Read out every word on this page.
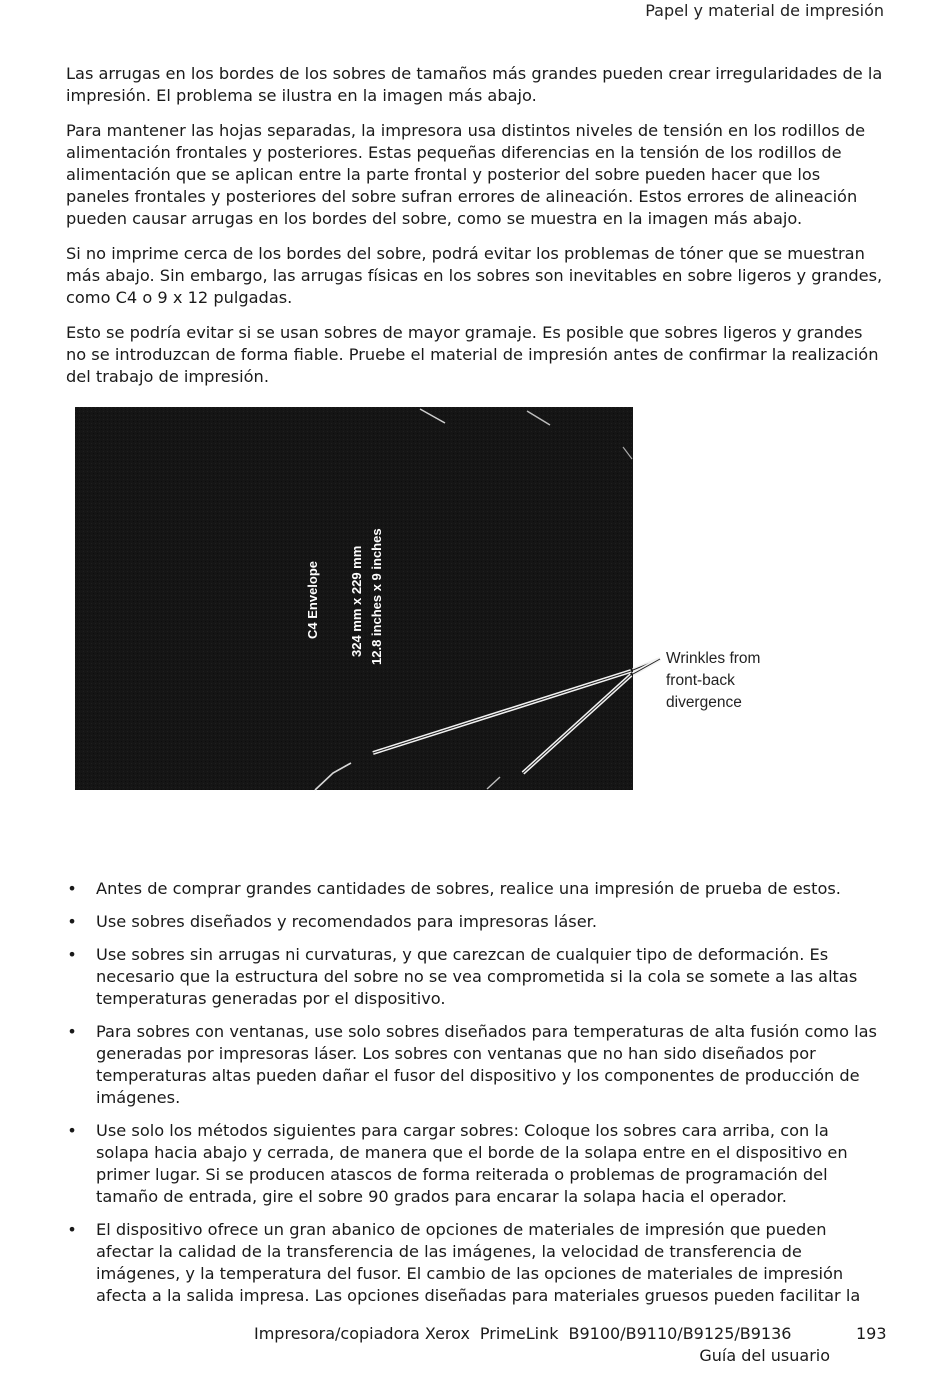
Papel y material de impresión

Las arrugas en los bordes de los sobres de tamaños más grandes pueden crear irregularidades de la impresión. El problema se ilustra en la imagen más abajo.

Para mantener las hojas separadas, la impresora usa distintos niveles de tensión en los rodillos de alimentación frontales y posteriores. Estas pequeñas diferencias en la tensión de los rodillos de alimentación que se aplican entre la parte frontal y posterior del sobre pueden hacer que los paneles frontales y posteriores del sobre sufran errores de alineación. Estos errores de alineación pueden causar arrugas en los bordes del sobre, como se muestra en la imagen más abajo.

Si no imprime cerca de los bordes del sobre, podrá evitar los problemas de tóner que se muestran más abajo. Sin embargo, las arrugas físicas en los sobres son inevitables en sobre ligeros y grandes, como C4 o 9 x 12 pulgadas.

Esto se podría evitar si se usan sobres de mayor gramaje. Es posible que sobres ligeros y grandes no se introduzcan de forma fiable. Pruebe el material de impresión antes de confirmar la realización del trabajo de impresión.

C4 Envelope 324 mm x 229 mm 12.8 inches x 9 inches	Wrinkles from
front-back
divergence
• Antes de comprar grandes cantidades de sobres, realice una impresión de prueba de estos.
• Use sobres diseñados y recomendados para impresoras láser.
• Use sobres sin arrugas ni curvaturas, y que carezcan de cualquier tipo de deformación. Es necesario que la estructura del sobre no se vea comprometida si la cola se somete a las altas temperaturas generadas por el dispositivo.
• Para sobres con ventanas, use solo sobres diseñados para temperaturas de alta fusión como las generadas por impresoras láser. Los sobres con ventanas que no han sido diseñados por temperaturas altas pueden dañar el fusor del dispositivo y los componentes de producción de imágenes.
• Use solo los métodos siguientes para cargar sobres: Coloque los sobres cara arriba, con la solapa hacia abajo y cerrada, de manera que el borde de la solapa entre en el dispositivo en primer lugar. Si se producen atascos de forma reiterada o problemas de programación del tamaño de entrada, gire el sobre 90 grados para encarar la solapa hacia el operador.
• El dispositivo ofrece un gran abanico de opciones de materiales de impresión que pueden afectar la calidad de la transferencia de las imágenes, la velocidad de transferencia de imágenes, y la temperatura del fusor. El cambio de las opciones de materiales de impresión afecta a la salida impresa. Las opciones diseñadas para materiales gruesos pueden facilitar la
Impresora/copiadora Xerox PrimeLink B9100/B9110/B9125/B9136
Guía del usuario
193
